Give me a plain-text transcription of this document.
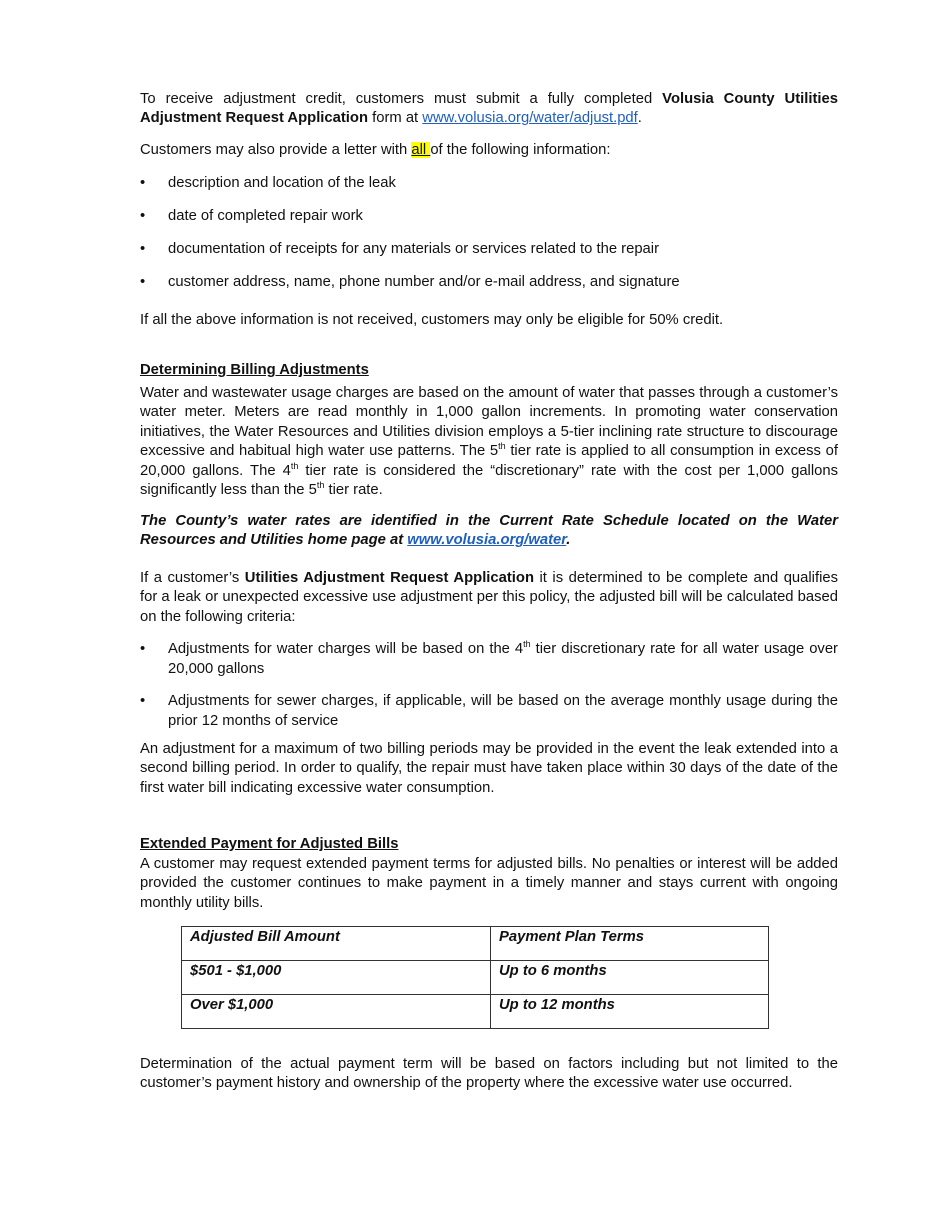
To receive adjustment credit, customers must submit a fully completed Volusia County Utilities Adjustment Request Application form at www.volusia.org/water/adjust.pdf.

Customers may also provide a letter with all of the following information:

• description and location of the leak
• date of completed repair work
• documentation of receipts for any materials or services related to the repair
• customer address, name, phone number and/or e-mail address, and signature

If all the above information is not received, customers may only be eligible for 50% credit.

Determining Billing Adjustments

Water and wastewater usage charges are based on the amount of water that passes through a customer’s water meter. Meters are read monthly in 1,000 gallon increments. In promoting water conservation initiatives, the Water Resources and Utilities division employs a 5-tier inclining rate structure to discourage excessive and habitual high water use patterns. The 5th tier rate is applied to all consumption in excess of 20,000 gallons. The 4th tier rate is considered the “discretionary” rate with the cost per 1,000 gallons significantly less than the 5th tier rate.

The County’s water rates are identified in the Current Rate Schedule located on the Water Resources and Utilities home page at www.volusia.org/water.

If a customer’s Utilities Adjustment Request Application it is determined to be complete and qualifies for a leak or unexpected excessive use adjustment per this policy, the adjusted bill will be calculated based on the following criteria:

• Adjustments for water charges will be based on the 4th tier discretionary rate for all water usage over 20,000 gallons
• Adjustments for sewer charges, if applicable, will be based on the average monthly usage during the prior 12 months of service

An adjustment for a maximum of two billing periods may be provided in the event the leak extended into a second billing period. In order to qualify, the repair must have taken place within 30 days of the date of the first water bill indicating excessive water consumption.

Extended Payment for Adjusted Bills

A customer may request extended payment terms for adjusted bills. No penalties or interest will be added provided the customer continues to make payment in a timely manner and stays current with ongoing monthly utility bills.

Adjusted Bill Amount	Payment Plan Terms
$501 - $1,000	Up to 6 months
Over $1,000	Up to 12 months

Determination of the actual payment term will be based on factors including but not limited to the customer’s payment history and ownership of the property where the excessive water use occurred.
